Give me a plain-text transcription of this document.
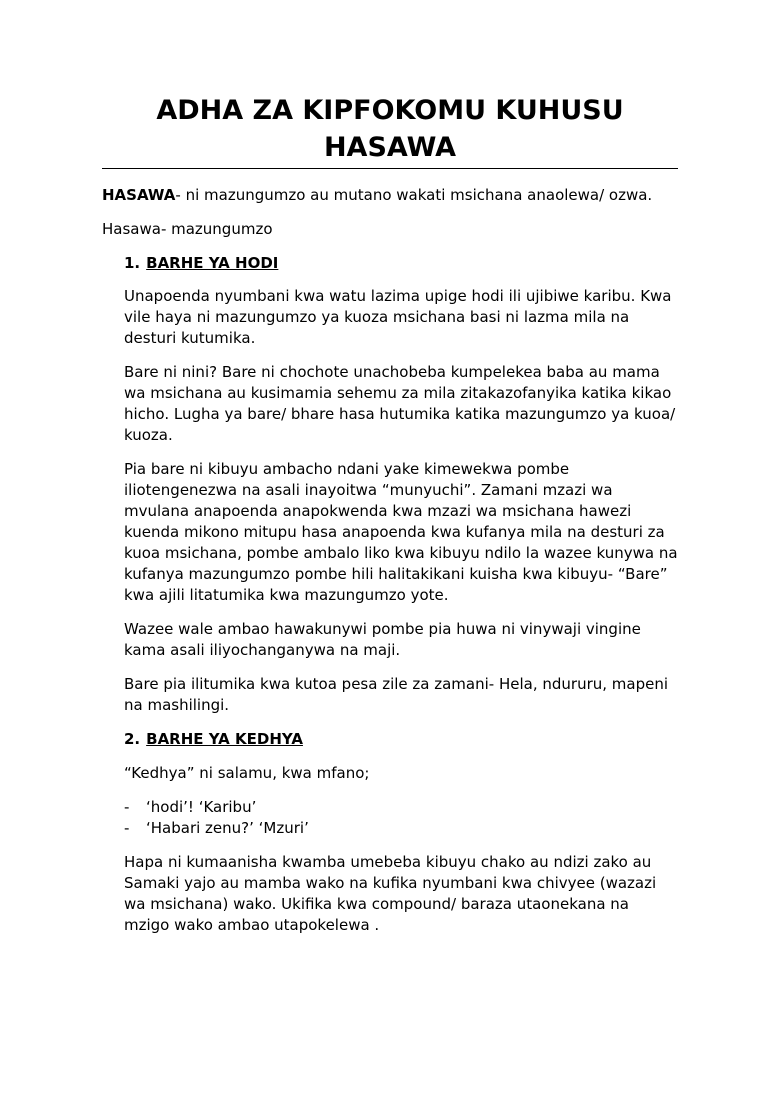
ADHA ZA KIPFOKOMU KUHUSU
HASAWA

HASAWA- ni mazungumzo au mutano wakati msichana anaolewa/ ozwa.

Hasawa- mazungumzo

1. BARHE YA HODI

Unapoenda nyumbani kwa watu lazima upige hodi ili ujibiwe karibu. Kwa vile haya ni mazungumzo ya kuoza msichana basi ni lazma mila na desturi kutumika.

Bare ni nini? Bare ni chochote unachobeba kumpelekea baba au mama wa msichana au kusimamia sehemu za mila zitakazofanyika katika kikao hicho. Lugha ya bare/ bhare hasa hutumika katika mazungumzo ya kuoa/ kuoza.

Pia bare ni kibuyu ambacho ndani yake kimewekwa pombe iliotengenezwa na asali inayoitwa “munyuchi”. Zamani mzazi wa mvulana anapoenda anapokwenda kwa mzazi wa msichana hawezi kuenda mikono mitupu hasa anapoenda kwa kufanya mila na desturi za kuoa msichana, pombe ambalo liko kwa kibuyu ndilo la wazee kunywa na kufanya mazungumzo pombe hili halitakikani kuisha kwa kibuyu- “Bare” kwa ajili litatumika kwa mazungumzo yote.

Wazee wale ambao hawakunywi pombe pia huwa ni vinywaji vingine kama asali iliyochanganywa na maji.

Bare pia ilitumika kwa kutoa pesa zile za zamani- Hela, ndururu, mapeni na mashilingi.

2. BARHE YA KEDHYA

“Kedhya” ni salamu, kwa mfano;

-	‘hodi’! ‘Karibu’
-	‘Habari zenu?’ ‘Mzuri’

Hapa ni kumaanisha kwamba umebeba kibuyu chako au ndizi zako au Samaki yajo au mamba wako na kufika nyumbani kwa chivyee (wazazi wa msichana) wako. Ukifika kwa compound/ baraza utaonekana na mzigo wako ambao utapokelewa .
